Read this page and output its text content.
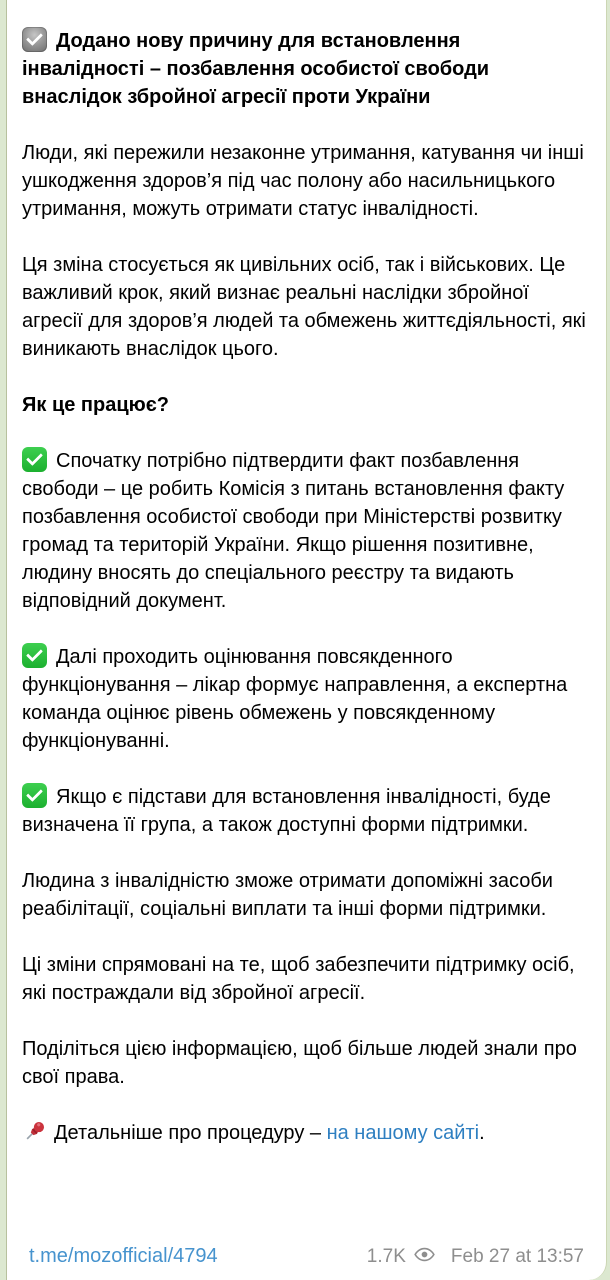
Додано нову причину для встановлення інвалідності – позбавлення особистої свободи внаслідок збройної агресії проти України

Люди, які пережили незаконне утримання, катування чи інші ушкодження здоров’я під час полону або насильницького утримання, можуть отримати статус інвалідності.

Ця зміна стосується як цивільних осіб, так і військових. Це важливий крок, який визнає реальні наслідки збройної агресії для здоров’я людей та обмежень життєдіяльності, які виникають внаслідок цього.

Як це працює?

Спочатку потрібно підтвердити факт позбавлення свободи – це робить Комісія з питань встановлення факту позбавлення особистої свободи при Міністерстві розвитку громад та територій України. Якщо рішення позитивне, людину вносять до спеціального реєстру та видають відповідний документ.

Далі проходить оцінювання повсякденного функціонування – лікар формує направлення, а експертна команда оцінює рівень обмежень у повсякденному функціонуванні.

Якщо є підстави для встановлення інвалідності, буде визначена її група, а також доступні форми підтримки.

Людина з інвалідністю зможе отримати допоміжні засоби реабілітації, соціальні виплати та інші форми підтримки.

Ці зміни спрямовані на те, щоб забезпечити підтримку осіб, які постраждали від збройної агресії.

Поділіться цією інформацією, щоб більше людей знали про свої права.

Детальніше про процедуру – на нашому сайті.

t.me/mozofficial/4794	1.7K Feb 27 at 13:57
